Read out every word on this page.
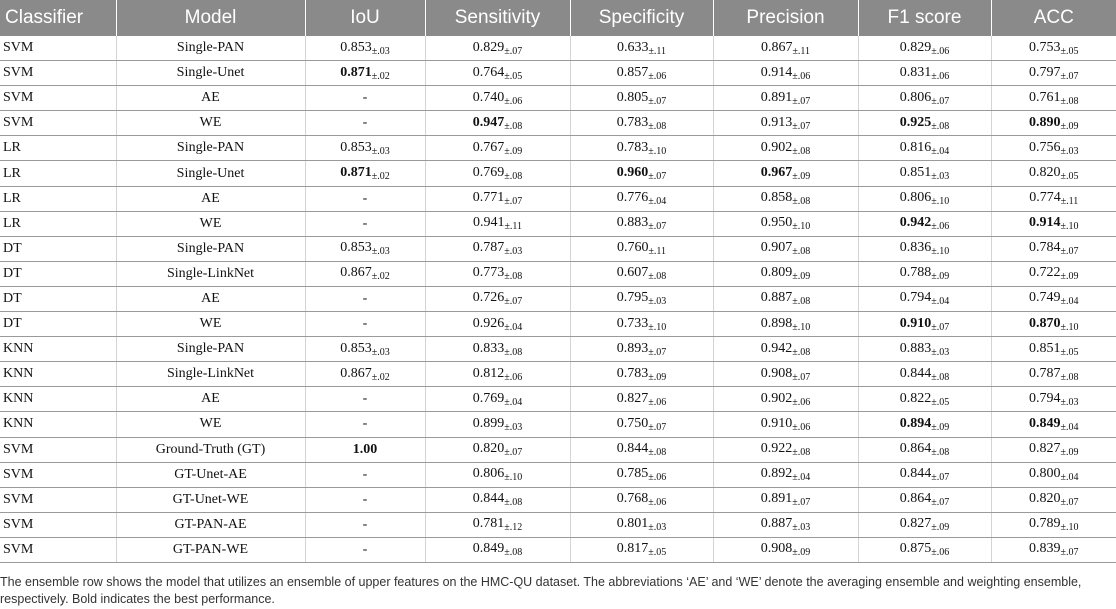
Classifier	Model	IoU	Sensitivity	Specificity	Precision	F1 score	ACC
SVM	Single-PAN	$0.853_{\pm.03}$	$0.829_{\pm.07}$	$0.633_{\pm.11}$	$0.867_{\pm.11}$	$0.829_{\pm.06}$	$0.753_{\pm.05}$
SVM	Single-Unet	$0.871_{\pm.02}$	$0.764_{\pm.05}$	$0.857_{\pm.06}$	$0.914_{\pm.06}$	$0.831_{\pm.06}$	$0.797_{\pm.07}$
SVM	AE	-	$0.740_{\pm.06}$	$0.805_{\pm.07}$	$0.891_{\pm.07}$	$0.806_{\pm.07}$	$0.761_{\pm.08}$
SVM	WE	-	$0.947_{\pm.08}$	$0.783_{\pm.08}$	$0.913_{\pm.07}$	$0.925_{\pm.08}$	$0.890_{\pm.09}$
LR	Single-PAN	$0.853_{\pm.03}$	$0.767_{\pm.09}$	$0.783_{\pm.10}$	$0.902_{\pm.08}$	$0.816_{\pm.04}$	$0.756_{\pm.03}$
LR	Single-Unet	$0.871_{\pm.02}$	$0.769_{\pm.08}$	$0.960_{\pm.07}$	$0.967_{\pm.09}$	$0.851_{\pm.03}$	$0.820_{\pm.05}$
LR	AE	-	$0.771_{\pm.07}$	$0.776_{\pm.04}$	$0.858_{\pm.08}$	$0.806_{\pm.10}$	$0.774_{\pm.11}$
LR	WE	-	$0.941_{\pm.11}$	$0.883_{\pm.07}$	$0.950_{\pm.10}$	$0.942_{\pm.06}$	$0.914_{\pm.10}$
DT	Single-PAN	$0.853_{\pm.03}$	$0.787_{\pm.03}$	$0.760_{\pm.11}$	$0.907_{\pm.08}$	$0.836_{\pm.10}$	$0.784_{\pm.07}$
DT	Single-LinkNet	$0.867_{\pm.02}$	$0.773_{\pm.08}$	$0.607_{\pm.08}$	$0.809_{\pm.09}$	$0.788_{\pm.09}$	$0.722_{\pm.09}$
DT	AE	-	$0.726_{\pm.07}$	$0.795_{\pm.03}$	$0.887_{\pm.08}$	$0.794_{\pm.04}$	$0.749_{\pm.04}$
DT	WE	-	$0.926_{\pm.04}$	$0.733_{\pm.10}$	$0.898_{\pm.10}$	$0.910_{\pm.07}$	$0.870_{\pm.10}$
KNN	Single-PAN	$0.853_{\pm.03}$	$0.833_{\pm.08}$	$0.893_{\pm.07}$	$0.942_{\pm.08}$	$0.883_{\pm.03}$	$0.851_{\pm.05}$
KNN	Single-LinkNet	$0.867_{\pm.02}$	$0.812_{\pm.06}$	$0.783_{\pm.09}$	$0.908_{\pm.07}$	$0.844_{\pm.08}$	$0.787_{\pm.08}$
KNN	AE	-	$0.769_{\pm.04}$	$0.827_{\pm.06}$	$0.902_{\pm.06}$	$0.822_{\pm.05}$	$0.794_{\pm.03}$
KNN	WE	-	$0.899_{\pm.03}$	$0.750_{\pm.07}$	$0.910_{\pm.06}$	$0.894_{\pm.09}$	$0.849_{\pm.04}$
SVM	Ground-Truth (GT)	1.00	$0.820_{\pm.07}$	$0.844_{\pm.08}$	$0.922_{\pm.08}$	$0.864_{\pm.08}$	$0.827_{\pm.09}$
SVM	GT-Unet-AE	-	$0.806_{\pm.10}$	$0.785_{\pm.06}$	$0.892_{\pm.04}$	$0.844_{\pm.07}$	$0.800_{\pm.04}$
SVM	GT-Unet-WE	-	$0.844_{\pm.08}$	$0.768_{\pm.06}$	$0.891_{\pm.07}$	$0.864_{\pm.07}$	$0.820_{\pm.07}$
SVM	GT-PAN-AE	-	$0.781_{\pm.12}$	$0.801_{\pm.03}$	$0.887_{\pm.03}$	$0.827_{\pm.09}$	$0.789_{\pm.10}$
SVM	GT-PAN-WE	-	$0.849_{\pm.08}$	$0.817_{\pm.05}$	$0.908_{\pm.09}$	$0.875_{\pm.06}$	$0.839_{\pm.07}$
The ensemble row shows the model that utilizes an ensemble of upper features on the HMC-QU dataset. The abbreviations ‘AE’ and ‘WE’ denote the averaging ensemble and weighting ensemble, respectively. Bold indicates the best performance.
